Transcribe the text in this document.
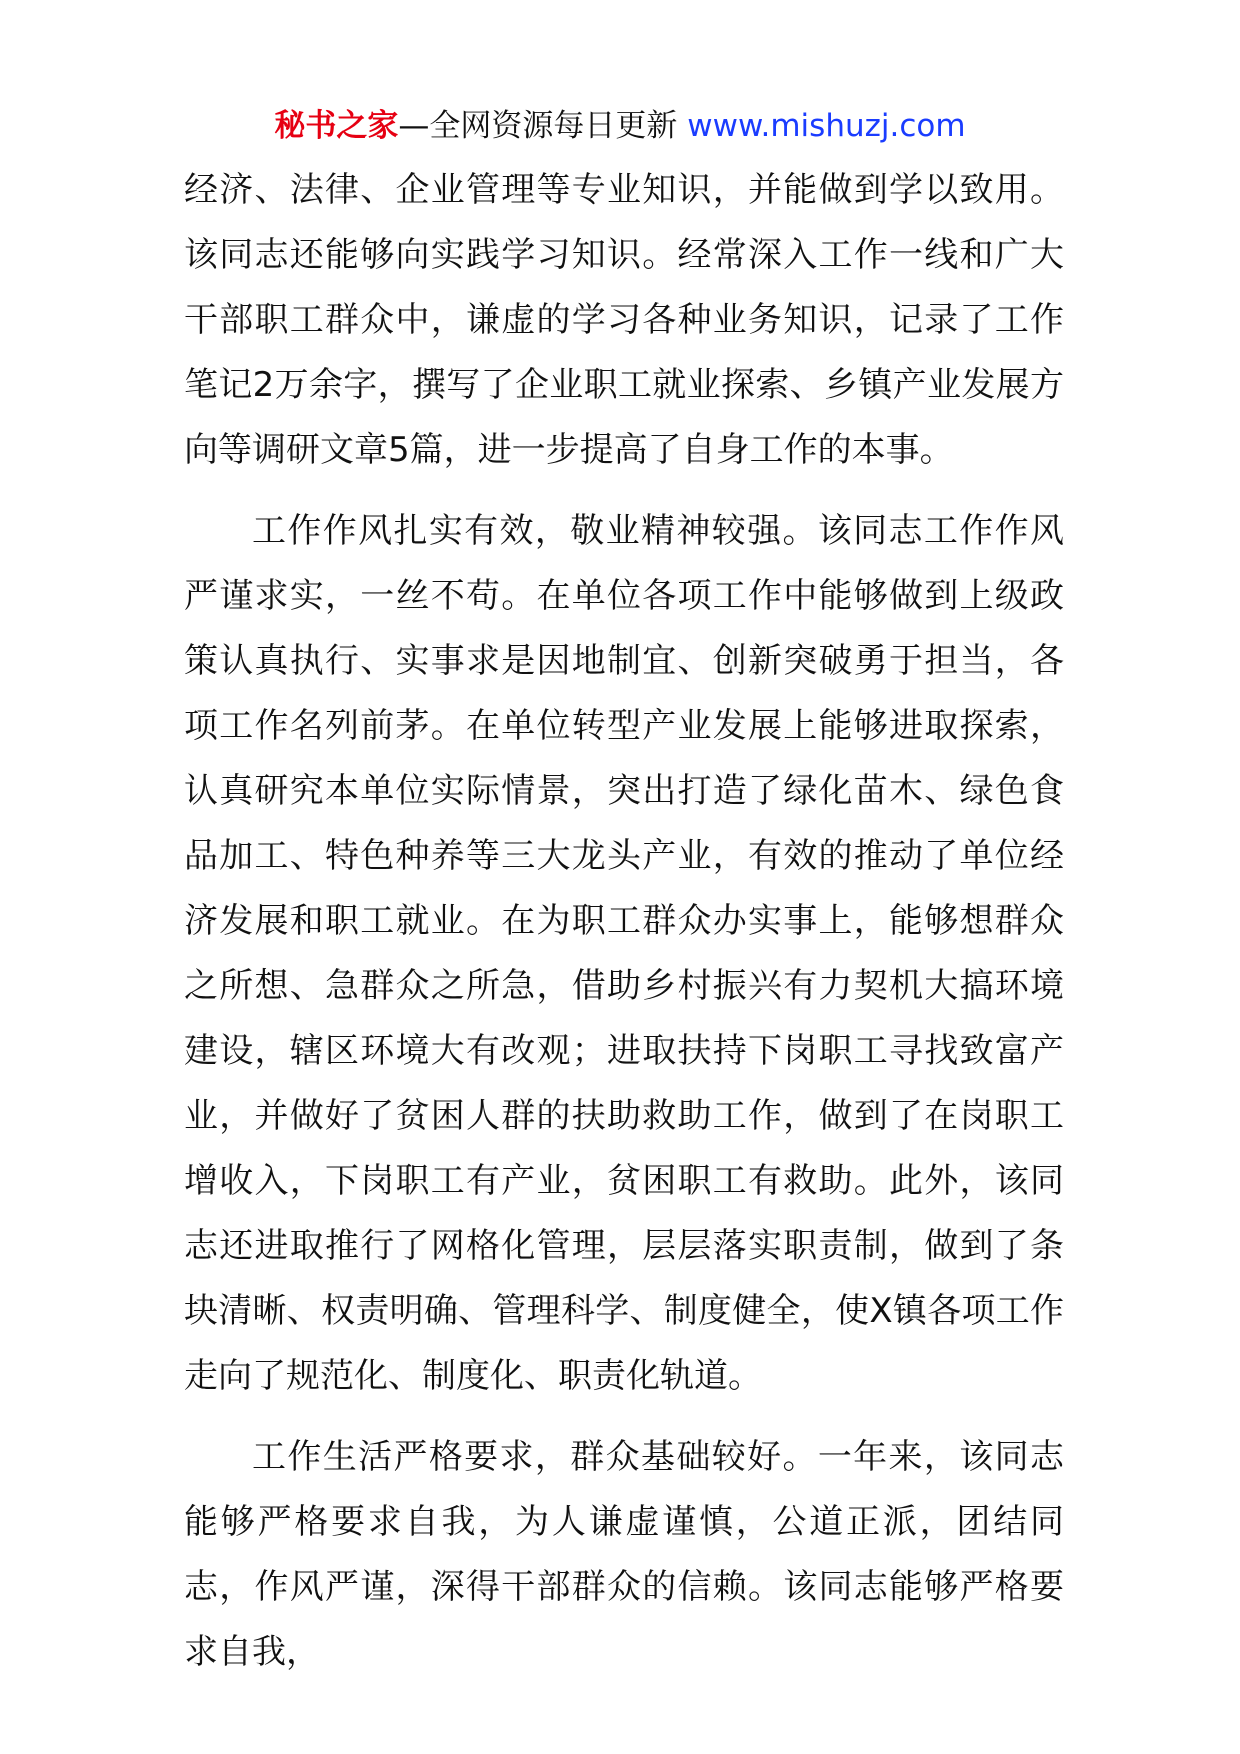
秘书之家—全网资源每日更新 www.mishuzj.com

经济、法律、企业管理等专业知识，并能做到学以致用。该同志还能够向实践学习知识。经常深入工作一线和广大干部职工群众中，谦虚的学习各种业务知识，记录了工作笔记2万余字，撰写了企业职工就业探索、乡镇产业发展方向等调研文章5篇，进一步提高了自身工作的本事。

工作作风扎实有效，敬业精神较强。该同志工作作风严谨求实，一丝不苟。在单位各项工作中能够做到上级政策认真执行、实事求是因地制宜、创新突破勇于担当，各项工作名列前茅。在单位转型产业发展上能够进取探索，认真研究本单位实际情景，突出打造了绿化苗木、绿色食品加工、特色种养等三大龙头产业，有效的推动了单位经济发展和职工就业。在为职工群众办实事上，能够想群众之所想、急群众之所急，借助乡村振兴有力契机大搞环境建设，辖区环境大有改观；进取扶持下岗职工寻找致富产业，并做好了贫困人群的扶助救助工作，做到了在岗职工增收入，下岗职工有产业，贫困职工有救助。此外，该同志还进取推行了网格化管理，层层落实职责制，做到了条块清晰、权责明确、管理科学、制度健全，使X镇各项工作走向了规范化、制度化、职责化轨道。

工作生活严格要求，群众基础较好。一年来，该同志能够严格要求自我，为人谦虚谨慎，公道正派，团结同志，作风严谨，深得干部群众的信赖。该同志能够严格要求自我，
